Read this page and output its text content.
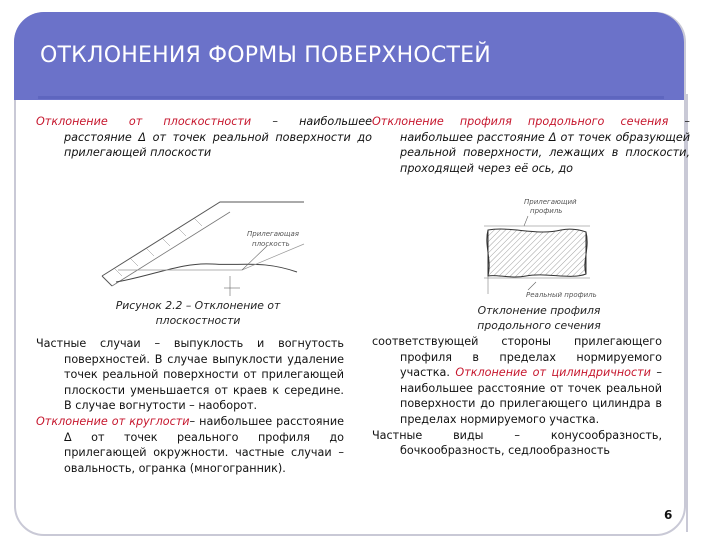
ОТКЛОНЕНИЯ ФОРМЫ ПОВЕРХНОСТЕЙ
Отклонение от плоскостности – наибольшее расстояние Δ от точек реальной поверхности до прилегающей плоскости
Прилегающая
плоскость
Рисунок 2.2 – Отклонение от плоскостности

Частные случаи – выпуклость и вогнутость поверхностей. В случае выпуклости удаление точек реальной поверхности от прилегающей плоскости уменьшается от краев к середине. В случае вогнутости – наоборот.

Отклонение от круглости– наибольшее расстояние Δ от точек реального профиля до прилегающей окружности. частные случаи – овальность, огранка (многогранник).

Отклонение профиля продольного сечения – наибольшее расстояние Δ от точек образующей реальной поверхности, лежащих в плоскости, проходящей через её ось, до
Прилегающий
профиль
Реальный профиль
Отклонение профиля продольного сечения

соответствующей стороны прилегающего профиля в пределах нормируемого участка. Отклонение от цилиндричности – наибольшее расстояние от точек реальной поверхности до прилегающего цилиндра в пределах нормируемого участка.

Частные виды – конусообразность, бочкообразность, седлообразность

6
